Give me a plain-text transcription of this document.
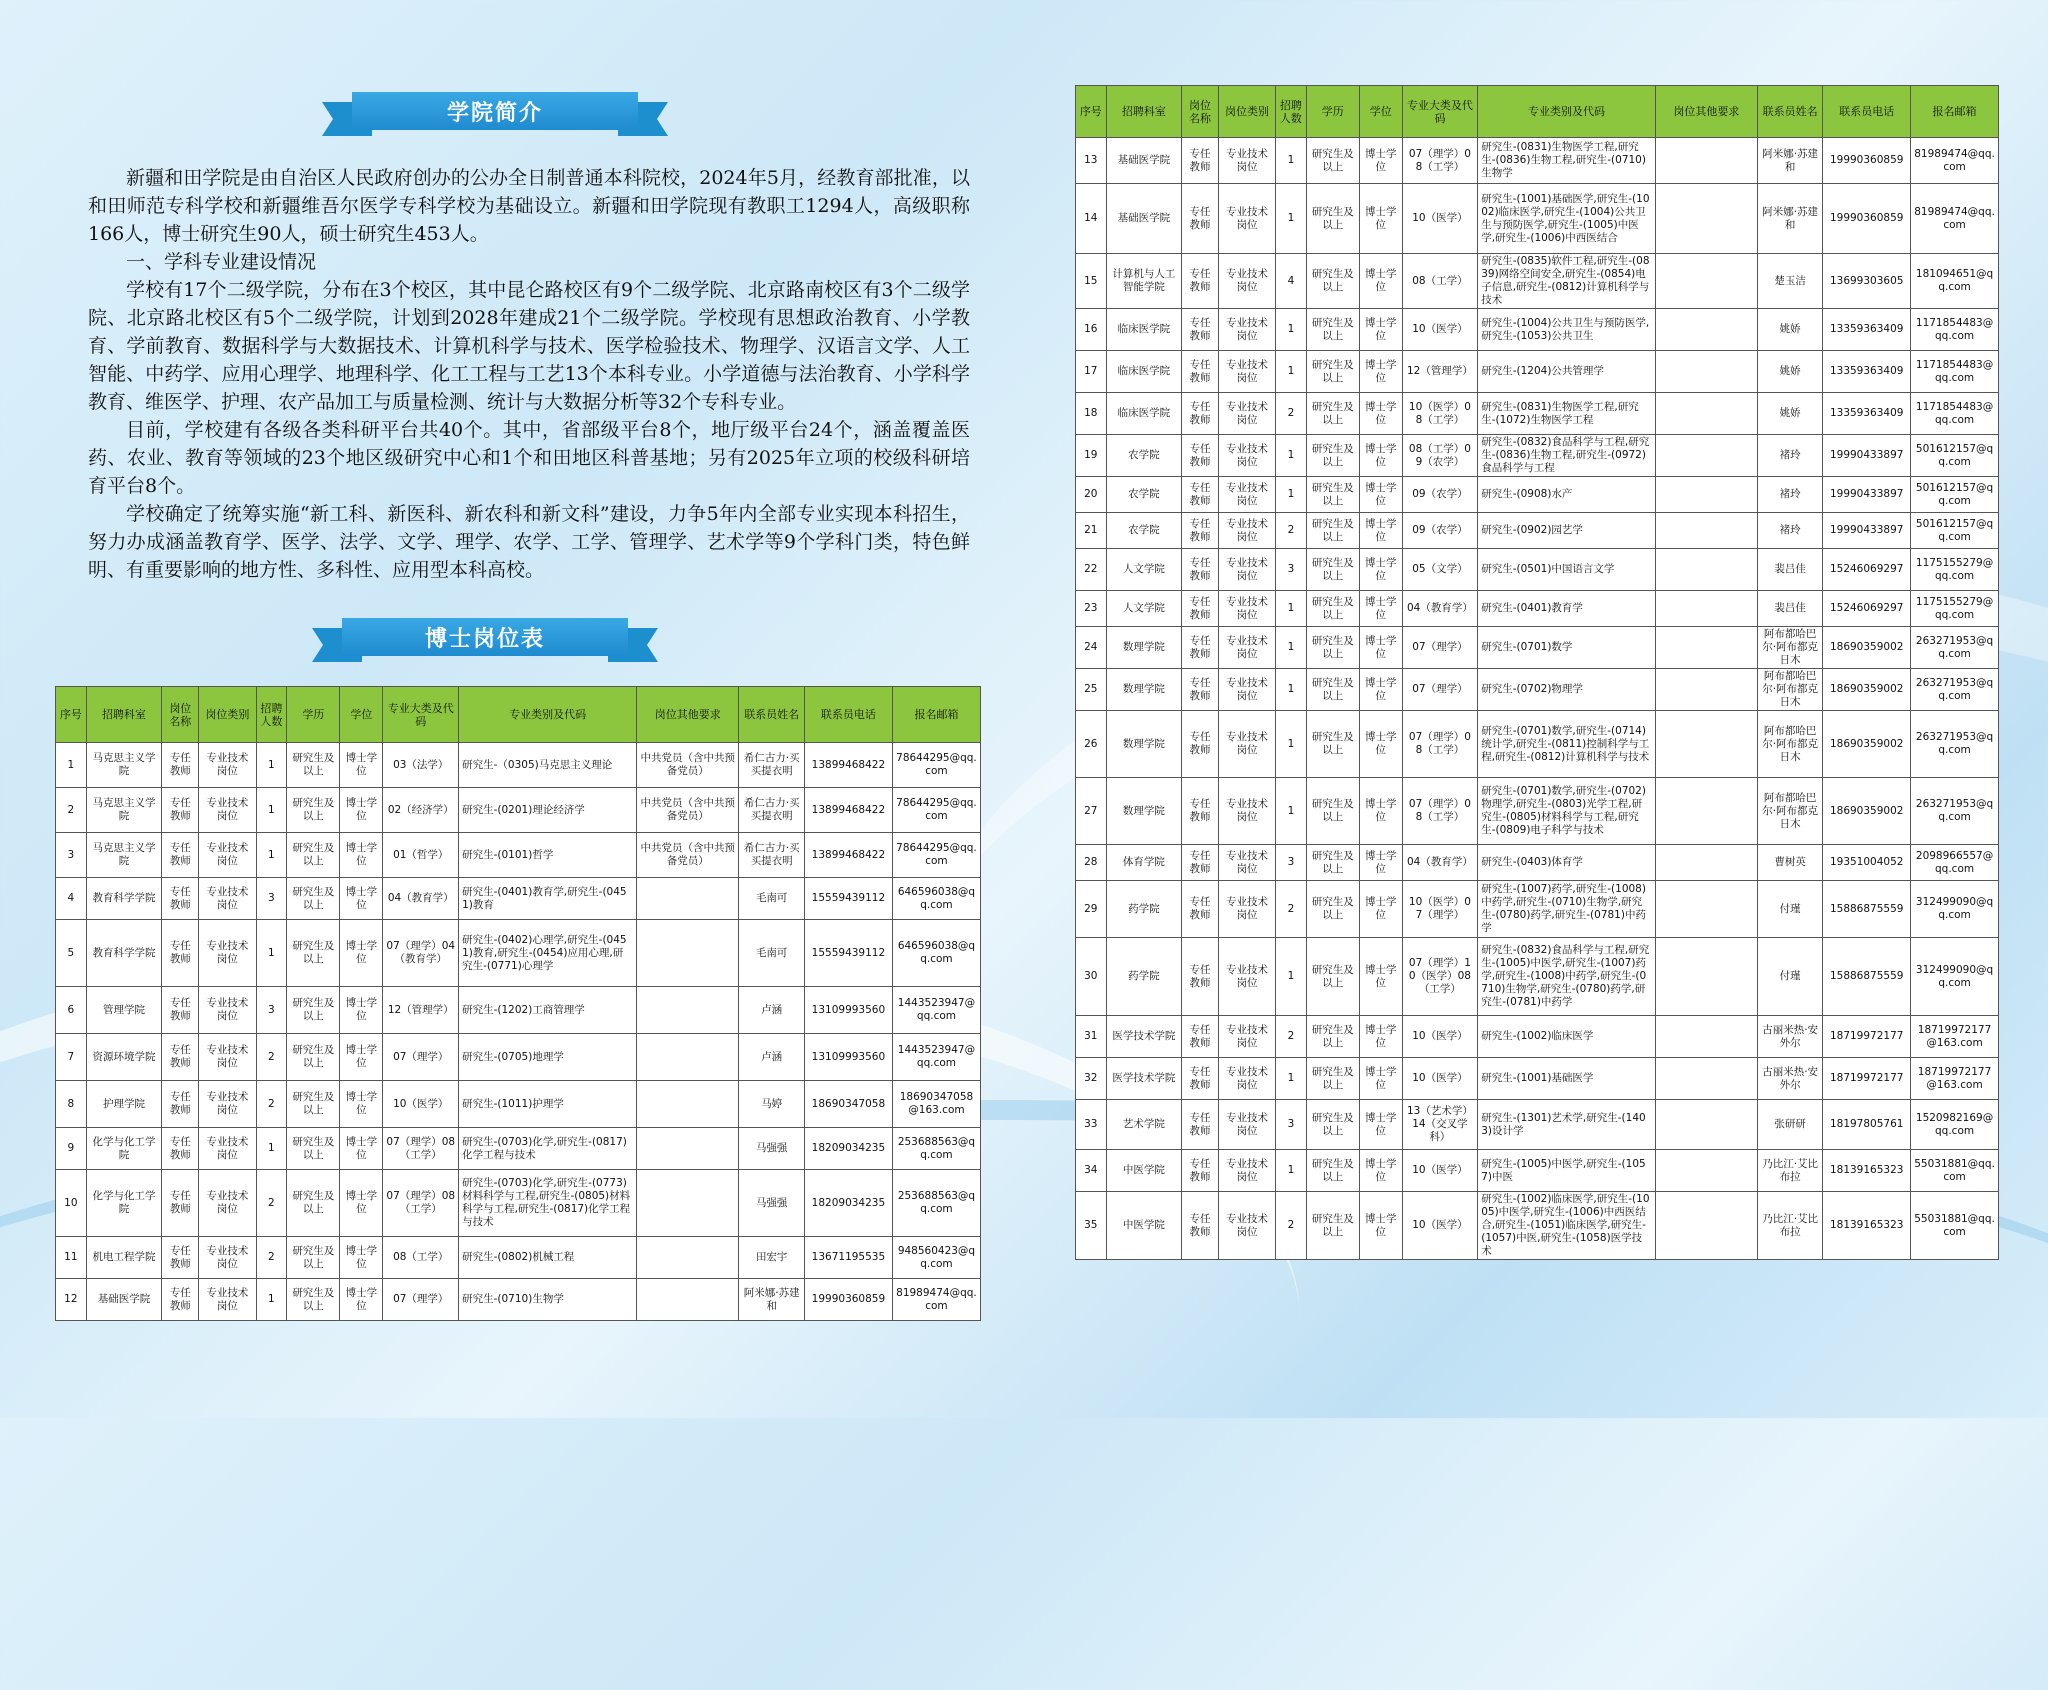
学院简介

新疆和田学院是由自治区人民政府创办的公办全日制普通本科院校，2024年5月，经教育部批准，以和田师范专科学校和新疆维吾尔医学专科学校为基础设立。新疆和田学院现有教职工1294人，高级职称166人，博士研究生90人，硕士研究生453人。

一、学科专业建设情况

学校有17个二级学院，分布在3个校区，其中昆仑路校区有9个二级学院、北京路南校区有3个二级学院、北京路北校区有5个二级学院，计划到2028年建成21个二级学院。学校现有思想政治教育、小学教育、学前教育、数据科学与大数据技术、计算机科学与技术、医学检验技术、物理学、汉语言文学、人工智能、中药学、应用心理学、地理科学、化工工程与工艺13个本科专业。小学道德与法治教育、小学科学教育、维医学、护理、农产品加工与质量检测、统计与大数据分析等32个专科专业。

目前，学校建有各级各类科研平台共40个。其中，省部级平台8个，地厅级平台24个，涵盖覆盖医药、农业、教育等领域的23个地区级研究中心和1个和田地区科普基地；另有2025年立项的校级科研培育平台8个。

学校确定了统筹实施“新工科、新医科、新农科和新文科”建设，力争5年内全部专业实现本科招生，努力办成涵盖教育学、医学、法学、文学、理学、农学、工学、管理学、艺术学等9个学科门类，特色鲜明、有重要影响的地方性、多科性、应用型本科高校。

博士岗位表
序号	招聘科室	岗位名称	岗位类别	招聘人数	学历	学位	专业大类及代码	专业类别及代码	岗位其他要求	联系员姓名	联系员电话	报名邮箱
1	马克思主义学院	专任教师	专业技术岗位	1	研究生及以上	博士学位	03（法学）	研究生-（0305)马克思主义理论	中共党员（含中共预备党员）	希仁古力·买买提衣明	13899468422	78644295@qq.com
2	马克思主义学院	专任教师	专业技术岗位	1	研究生及以上	博士学位	02（经济学）	研究生-(0201)理论经济学	中共党员（含中共预备党员）	希仁古力·买买提衣明	13899468422	78644295@qq.com
3	马克思主义学院	专任教师	专业技术岗位	1	研究生及以上	博士学位	01（哲学）	研究生-(0101)哲学	中共党员（含中共预备党员）	希仁古力·买买提衣明	13899468422	78644295@qq.com
4	教育科学学院	专任教师	专业技术岗位	3	研究生及以上	博士学位	04（教育学）	研究生-(0401)教育学,研究生-(0451)教育		毛南可	15559439112	646596038@qq.com
5	教育科学学院	专任教师	专业技术岗位	1	研究生及以上	博士学位	07（理学）04（教育学）	研究生-(0402)心理学,研究生-(0451)教育,研究生-(0454)应用心理,研究生-(0771)心理学		毛南可	15559439112	646596038@qq.com
6	管理学院	专任教师	专业技术岗位	3	研究生及以上	博士学位	12（管理学）	研究生-(1202)工商管理学		卢涵	13109993560	1443523947@qq.com
7	资源环境学院	专任教师	专业技术岗位	2	研究生及以上	博士学位	07（理学）	研究生-(0705)地理学		卢涵	13109993560	1443523947@qq.com
8	护理学院	专任教师	专业技术岗位	2	研究生及以上	博士学位	10（医学）	研究生-(1011)护理学		马婷	18690347058	18690347058@163.com
9	化学与化工学院	专任教师	专业技术岗位	1	研究生及以上	博士学位	07（理学）08（工学）	研究生-(0703)化学,研究生-(0817)化学工程与技术		马强强	18209034235	253688563@qq.com
10	化学与化工学院	专任教师	专业技术岗位	2	研究生及以上	博士学位	07（理学）08（工学）	研究生-(0703)化学,研究生-(0773)材料科学与工程,研究生-(0805)材料科学与工程,研究生-(0817)化学工程与技术		马强强	18209034235	253688563@qq.com
11	机电工程学院	专任教师	专业技术岗位	2	研究生及以上	博士学位	08（工学）	研究生-(0802)机械工程		田宏宇	13671195535	948560423@qq.com
12	基础医学院	专任教师	专业技术岗位	1	研究生及以上	博士学位	07（理学）	研究生-(0710)生物学		阿米娜·苏建和	19990360859	81989474@qq.com
序号	招聘科室	岗位名称	岗位类别	招聘人数	学历	学位	专业大类及代码	专业类别及代码	岗位其他要求	联系员姓名	联系员电话	报名邮箱
13	基础医学院	专任教师	专业技术岗位	1	研究生及以上	博士学位	07（理学）08（工学）	研究生-(0831)生物医学工程,研究生-(0836)生物工程,研究生-(0710)生物学		阿米娜·苏建和	19990360859	81989474@qq.com
14	基础医学院	专任教师	专业技术岗位	1	研究生及以上	博士学位	10（医学）	研究生-(1001)基础医学,研究生-(1002)临床医学,研究生-(1004)公共卫生与预防医学,研究生-(1005)中医学,研究生-(1006)中西医结合		阿米娜·苏建和	19990360859	81989474@qq.com
15	计算机与人工智能学院	专任教师	专业技术岗位	4	研究生及以上	博士学位	08（工学）	研究生-(0835)软件工程,研究生-(0839)网络空间安全,研究生-(0854)电子信息,研究生-(0812)计算机科学与技术		楚玉洁	13699303605	181094651@qq.com
16	临床医学院	专任教师	专业技术岗位	1	研究生及以上	博士学位	10（医学）	研究生-(1004)公共卫生与预防医学,研究生-(1053)公共卫生		姚娇	13359363409	1171854483@qq.com
17	临床医学院	专任教师	专业技术岗位	1	研究生及以上	博士学位	12（管理学）	研究生-(1204)公共管理学		姚娇	13359363409	1171854483@qq.com
18	临床医学院	专任教师	专业技术岗位	2	研究生及以上	博士学位	10（医学）08（工学）	研究生-(0831)生物医学工程,研究生-(1072)生物医学工程		姚娇	13359363409	1171854483@qq.com
19	农学院	专任教师	专业技术岗位	1	研究生及以上	博士学位	08（工学）09（农学）	研究生-(0832)食品科学与工程,研究生-(0836)生物工程,研究生-(0972)食品科学与工程		褚玲	19990433897	501612157@qq.com
20	农学院	专任教师	专业技术岗位	1	研究生及以上	博士学位	09（农学）	研究生-(0908)水产		褚玲	19990433897	501612157@qq.com
21	农学院	专任教师	专业技术岗位	2	研究生及以上	博士学位	09（农学）	研究生-(0902)园艺学		褚玲	19990433897	501612157@qq.com
22	人文学院	专任教师	专业技术岗位	3	研究生及以上	博士学位	05（文学）	研究生-(0501)中国语言文学		裴吕佳	15246069297	1175155279@qq.com
23	人文学院	专任教师	专业技术岗位	1	研究生及以上	博士学位	04（教育学）	研究生-(0401)教育学		裴吕佳	15246069297	1175155279@qq.com
24	数理学院	专任教师	专业技术岗位	1	研究生及以上	博士学位	07（理学）	研究生-(0701)数学		阿布都哈巴尔·阿布都克日木	18690359002	263271953@qq.com
25	数理学院	专任教师	专业技术岗位	1	研究生及以上	博士学位	07（理学）	研究生-(0702)物理学		阿布都哈巴尔·阿布都克日木	18690359002	263271953@qq.com
26	数理学院	专任教师	专业技术岗位	1	研究生及以上	博士学位	07（理学）08（工学）	研究生-(0701)数学,研究生-(0714)统计学,研究生-(0811)控制科学与工程,研究生-(0812)计算机科学与技术		阿布都哈巴尔·阿布都克日木	18690359002	263271953@qq.com
27	数理学院	专任教师	专业技术岗位	1	研究生及以上	博士学位	07（理学）08（工学）	研究生-(0701)数学,研究生-(0702)物理学,研究生-(0803)光学工程,研究生-(0805)材料科学与工程,研究生-(0809)电子科学与技术		阿布都哈巴尔·阿布都克日木	18690359002	263271953@qq.com
28	体育学院	专任教师	专业技术岗位	3	研究生及以上	博士学位	04（教育学）	研究生-(0403)体育学		曹树英	19351004052	2098966557@qq.com
29	药学院	专任教师	专业技术岗位	2	研究生及以上	博士学位	10（医学）07（理学）	研究生-(1007)药学,研究生-(1008)中药学,研究生-(0710)生物学,研究生-(0780)药学,研究生-(0781)中药学		付瑾	15886875559	312499090@qq.com
30	药学院	专任教师	专业技术岗位	1	研究生及以上	博士学位	07（理学）10（医学）08（工学）	研究生-(0832)食品科学与工程,研究生-(1005)中医学,研究生-(1007)药学,研究生-(1008)中药学,研究生-(0710)生物学,研究生-(0780)药学,研究生-(0781)中药学		付瑾	15886875559	312499090@qq.com
31	医学技术学院	专任教师	专业技术岗位	2	研究生及以上	博士学位	10（医学）	研究生-(1002)临床医学		古丽米热·安外尔	18719972177	18719972177@163.com
32	医学技术学院	专任教师	专业技术岗位	1	研究生及以上	博士学位	10（医学）	研究生-(1001)基础医学		古丽米热·安外尔	18719972177	18719972177@163.com
33	艺术学院	专任教师	专业技术岗位	3	研究生及以上	博士学位	13（艺术学）14（交叉学科）	研究生-(1301)艺术学,研究生-(1403)设计学		张研研	18197805761	1520982169@qq.com
34	中医学院	专任教师	专业技术岗位	1	研究生及以上	博士学位	10（医学）	研究生-(1005)中医学,研究生-(1057)中医		乃比江·艾比布拉	18139165323	55031881@qq.com
35	中医学院	专任教师	专业技术岗位	2	研究生及以上	博士学位	10（医学）	研究生-(1002)临床医学,研究生-(1005)中医学,研究生-(1006)中西医结合,研究生-(1051)临床医学,研究生-(1057)中医,研究生-(1058)医学技术		乃比江·艾比布拉	18139165323	55031881@qq.com
